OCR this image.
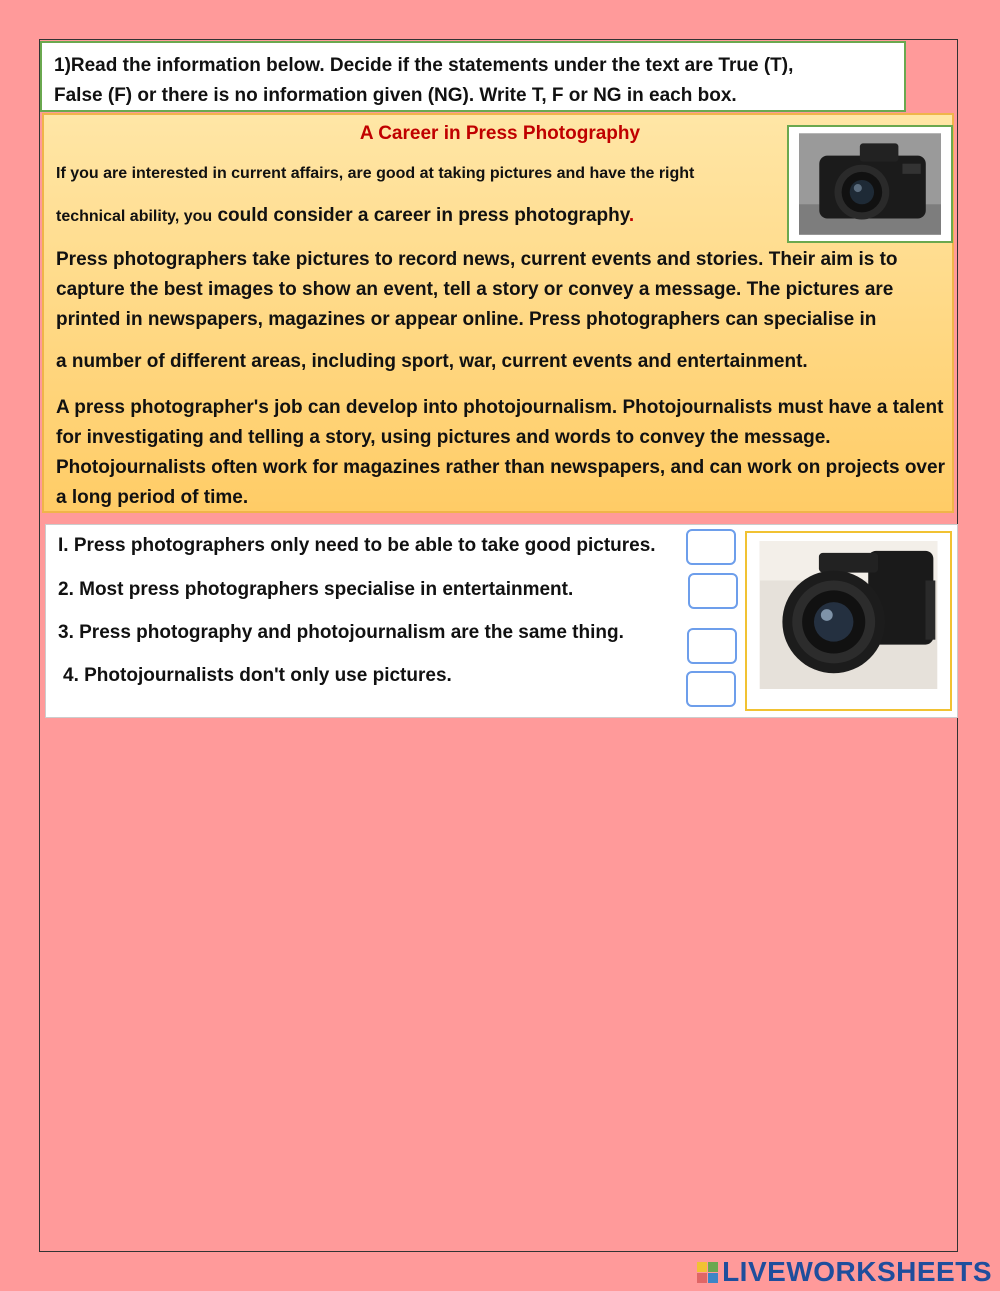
1)Read the information below. Decide if the statements under the text are True (T),
False (F) or there is no information given (NG). Write T, F or NG in each box.
A Career in Press Photography
If you are interested in current affairs, are good at taking pictures and have the right
technical ability, you could consider a career in press photography.
Press photographers take pictures to record news, current events and stories. Their aim is to capture the best images to show an event, tell a story or convey a message. The pictures are printed in newspapers, magazines or appear online. Press photographers can specialise in
a number of different areas, including sport, war, current events and entertainment.
A press photographer's job can develop into photojournalism. Photojournalists must have a talent for investigating and telling a story, using pictures and words to convey the message. Photojournalists often work for magazines rather than newspapers, and can work on projects over a long period of time.
I. Press photographers only need to be able to take good pictures.
2. Most press photographers specialise in entertainment.
3. Press photography and photojournalism are the same thing.
4. Photojournalists don't only use pictures.
LIVEWORKSHEETS
